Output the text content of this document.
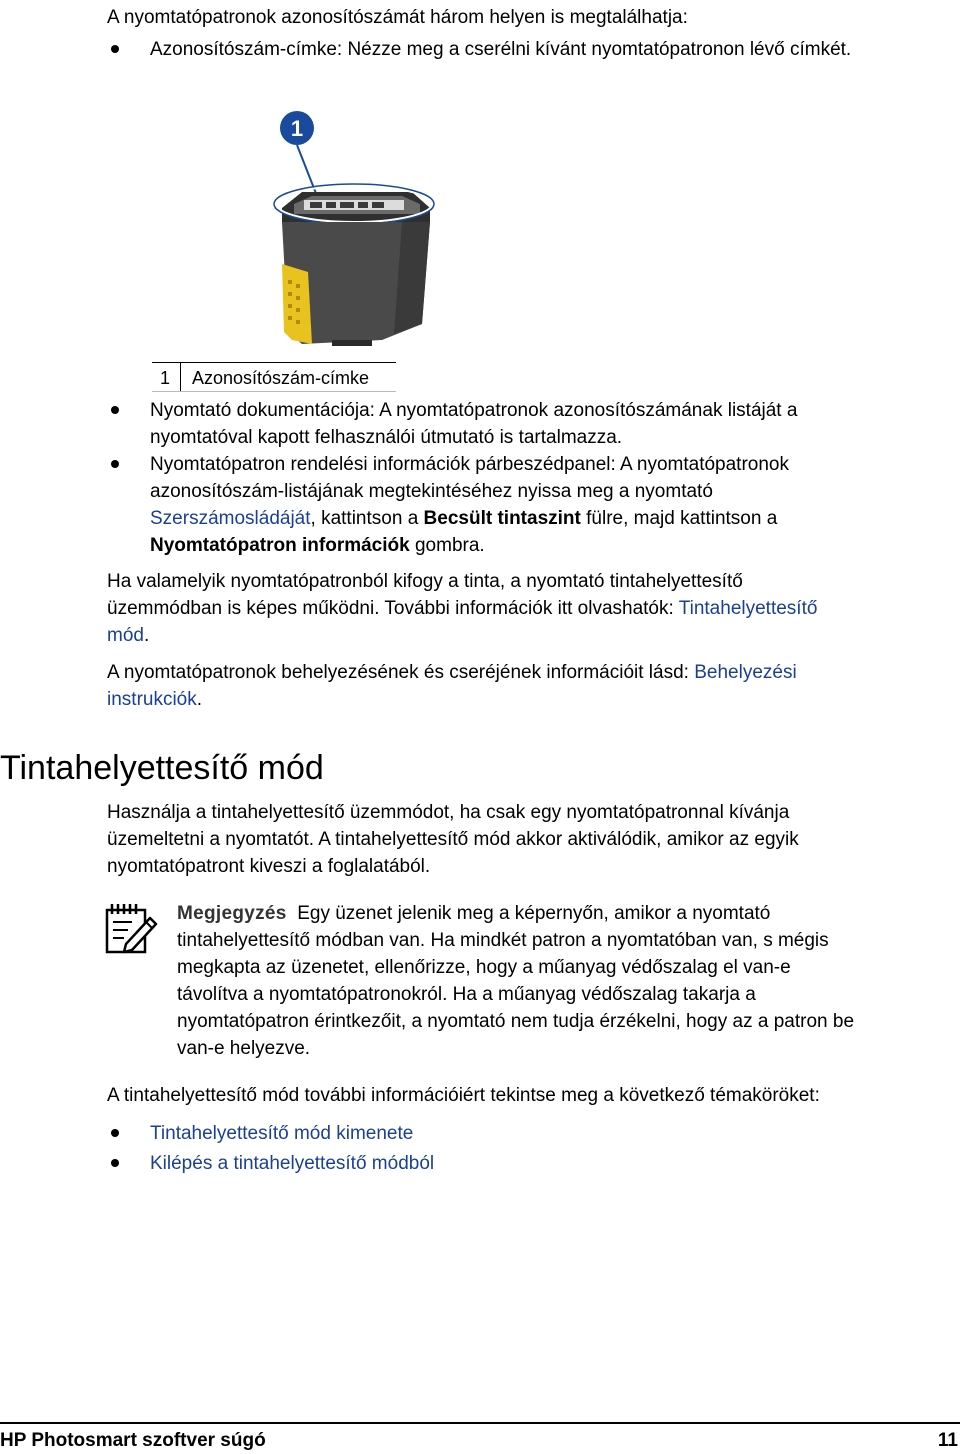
A nyomtatópatronok azonosítószámát három helyen is megtalálhatja:

Azonosítószám-címke: Nézze meg a cserélni kívánt nyomtatópatronon lévő címkét.

1
1 Azonosítószám-címke

Nyomtató dokumentációja: A nyomtatópatronok azonosítószámának listáját a

nyomtatóval kapott felhasználói útmutató is tartalmazza.

Nyomtatópatron rendelési információk párbeszédpanel: A nyomtatópatronok

azonosítószám-listájának megtekintéséhez nyissa meg a nyomtató

Szerszámosládáját, kattintson a Becsült tintaszint fülre, majd kattintson a

Nyomtatópatron információk gombra.

Ha valamelyik nyomtatópatronból kifogy a tinta, a nyomtató tintahelyettesítő

üzemmódban is képes működni. További információk itt olvashatók: Tintahelyettesítő

mód.

A nyomtatópatronok behelyezésének és cseréjének információit lásd: Behelyezési

instrukciók.

Tintahelyettesítő mód

Használja a tintahelyettesítő üzemmódot, ha csak egy nyomtatópatronnal kívánja

üzemeltetni a nyomtatót. A tintahelyettesítő mód akkor aktiválódik, amikor az egyik

nyomtatópatront kiveszi a foglalatából.

Megjegyzés Egy üzenet jelenik meg a képernyőn, amikor a nyomtató

tintahelyettesítő módban van. Ha mindkét patron a nyomtatóban van, s mégis

megkapta az üzenetet, ellenőrizze, hogy a műanyag védőszalag el van-e

távolítva a nyomtatópatronokról. Ha a műanyag védőszalag takarja a

nyomtatópatron érintkezőit, a nyomtató nem tudja érzékelni, hogy az a patron be

van-e helyezve.

A tintahelyettesítő mód további információiért tekintse meg a következő témaköröket:

Tintahelyettesítő mód kimenete

Kilépés a tintahelyettesítő módból

HP Photosmart szoftver súgó	11
